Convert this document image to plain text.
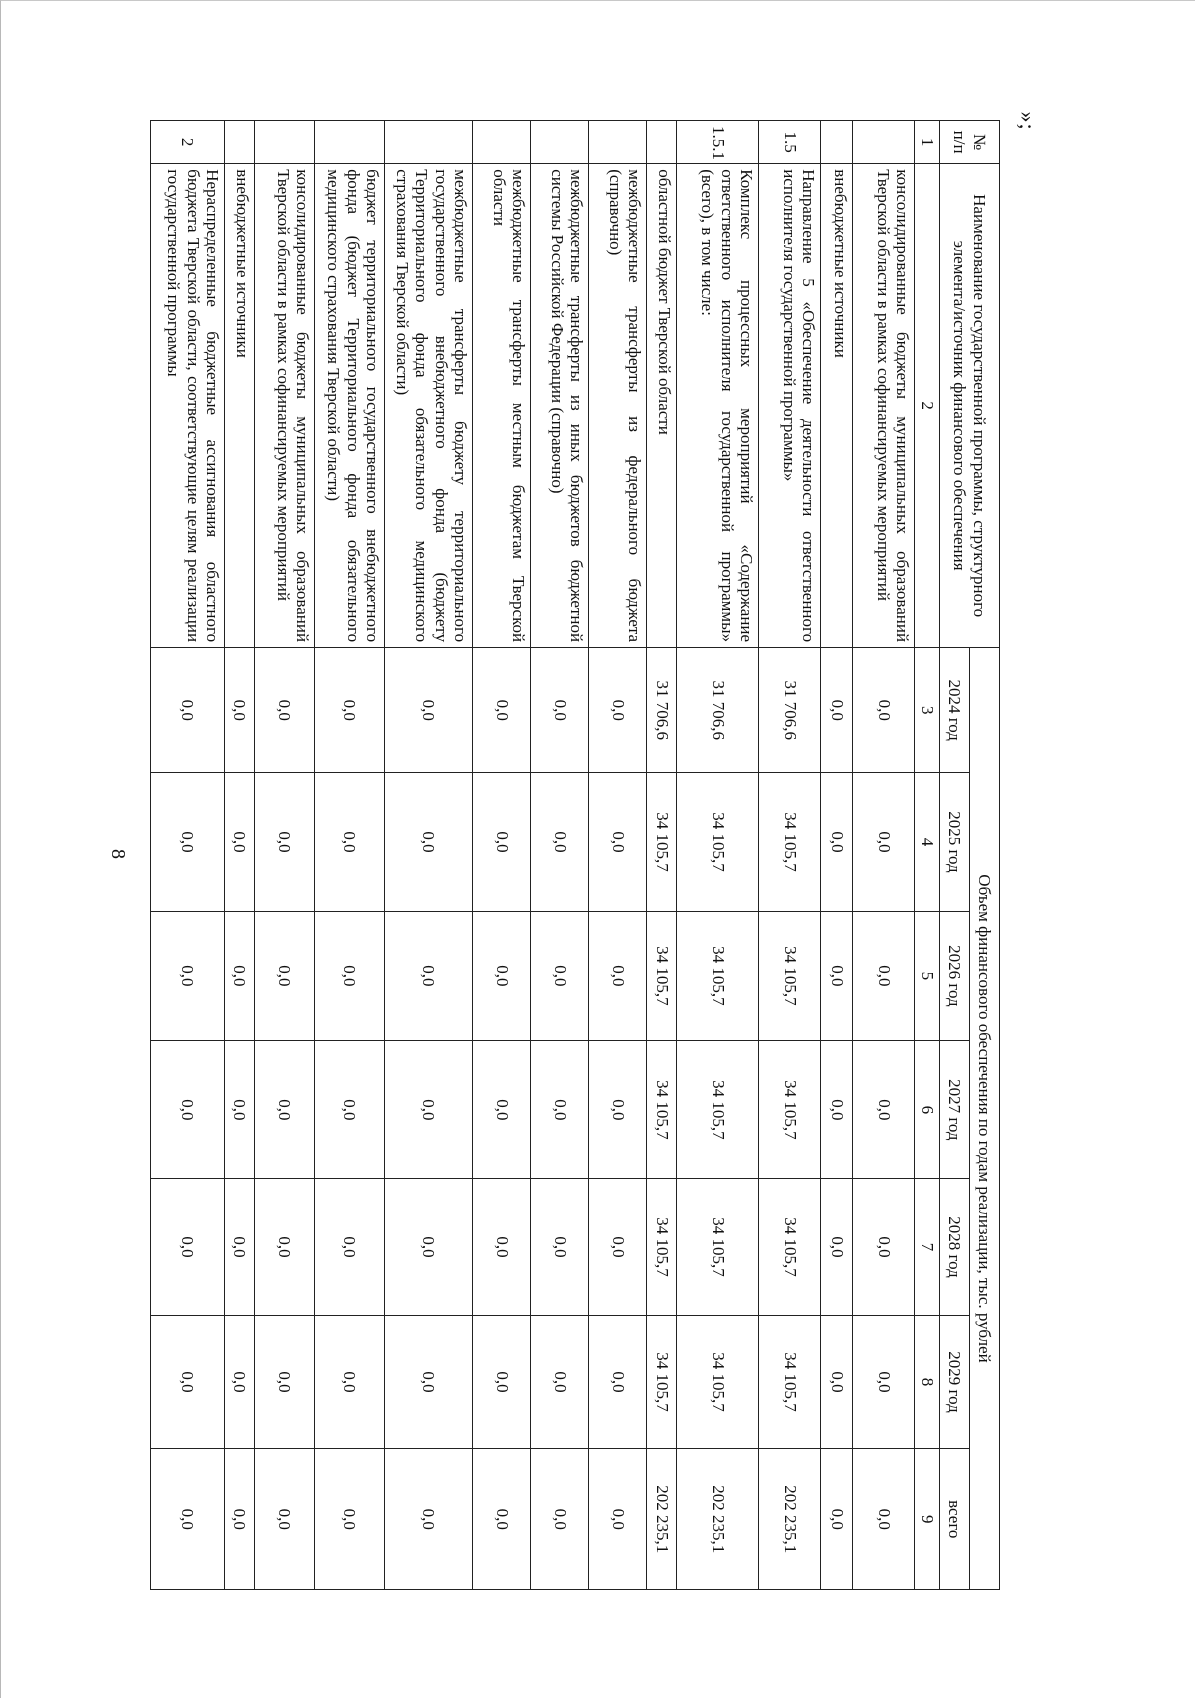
8
»;
№ п/п	Наименование государственной программы, структурного элемента/источник финансового обеспечения	Объем финансового обеспечения по годам реализации, тыс. рублей						
		2024 год	2025 год	2026 год	2027 год	2028 год	2029 год	всего
1	2	3	4	5	6	7	8	9
	консолидированные бюджеты муниципальных образований Тверской области в рамках софинансируемых мероприятий	0,0	0,0	0,0	0,0	0,0	0,0	0,0
	внебюджетные источники	0,0	0,0	0,0	0,0	0,0	0,0	0,0
1.5	Направление 5 «Обеспечение деятельности ответственного исполнителя государственной программы»	31 706,6	34 105,7	34 105,7	34 105,7	34 105,7	34 105,7	202 235,1
1.5.1	Комплекс процессных мероприятий «Содержание ответственного исполнителя государственной программы» (всего), в том числе:	31 706,6	34 105,7	34 105,7	34 105,7	34 105,7	34 105,7	202 235,1
	областной бюджет Тверской области	31 706,6	34 105,7	34 105,7	34 105,7	34 105,7	34 105,7	202 235,1
	межбюджетные трансферты из федерального бюджета (справочно)	0,0	0,0	0,0	0,0	0,0	0,0	0,0
	межбюджетные трансферты из иных бюджетов бюджетной системы Российской Федерации (справочно)	0,0	0,0	0,0	0,0	0,0	0,0	0,0
	межбюджетные трансферты местным бюджетам Тверской области	0,0	0,0	0,0	0,0	0,0	0,0	0,0
	межбюджетные трансферты бюджету территориального государственного внебюджетного фонда (бюджету Территориального фонда обязательного медицинского страхования Тверской области)	0,0	0,0	0,0	0,0	0,0	0,0	0,0
	бюджет территориального государственного внебюджетного фонда (бюджет Территориального фонда обязательного медицинского страхования Тверской области)	0,0	0,0	0,0	0,0	0,0	0,0	0,0
	консолидированные бюджеты муниципальных образований Тверской области в рамках софинансируемых мероприятий	0,0	0,0	0,0	0,0	0,0	0,0	0,0
	внебюджетные источники	0,0	0,0	0,0	0,0	0,0	0,0	0,0
2	Нераспределенные бюджетные ассигнования областного бюджета Тверской области, соответствующие целям реализации государственной программы	0,0	0,0	0,0	0,0	0,0	0,0	0,0
